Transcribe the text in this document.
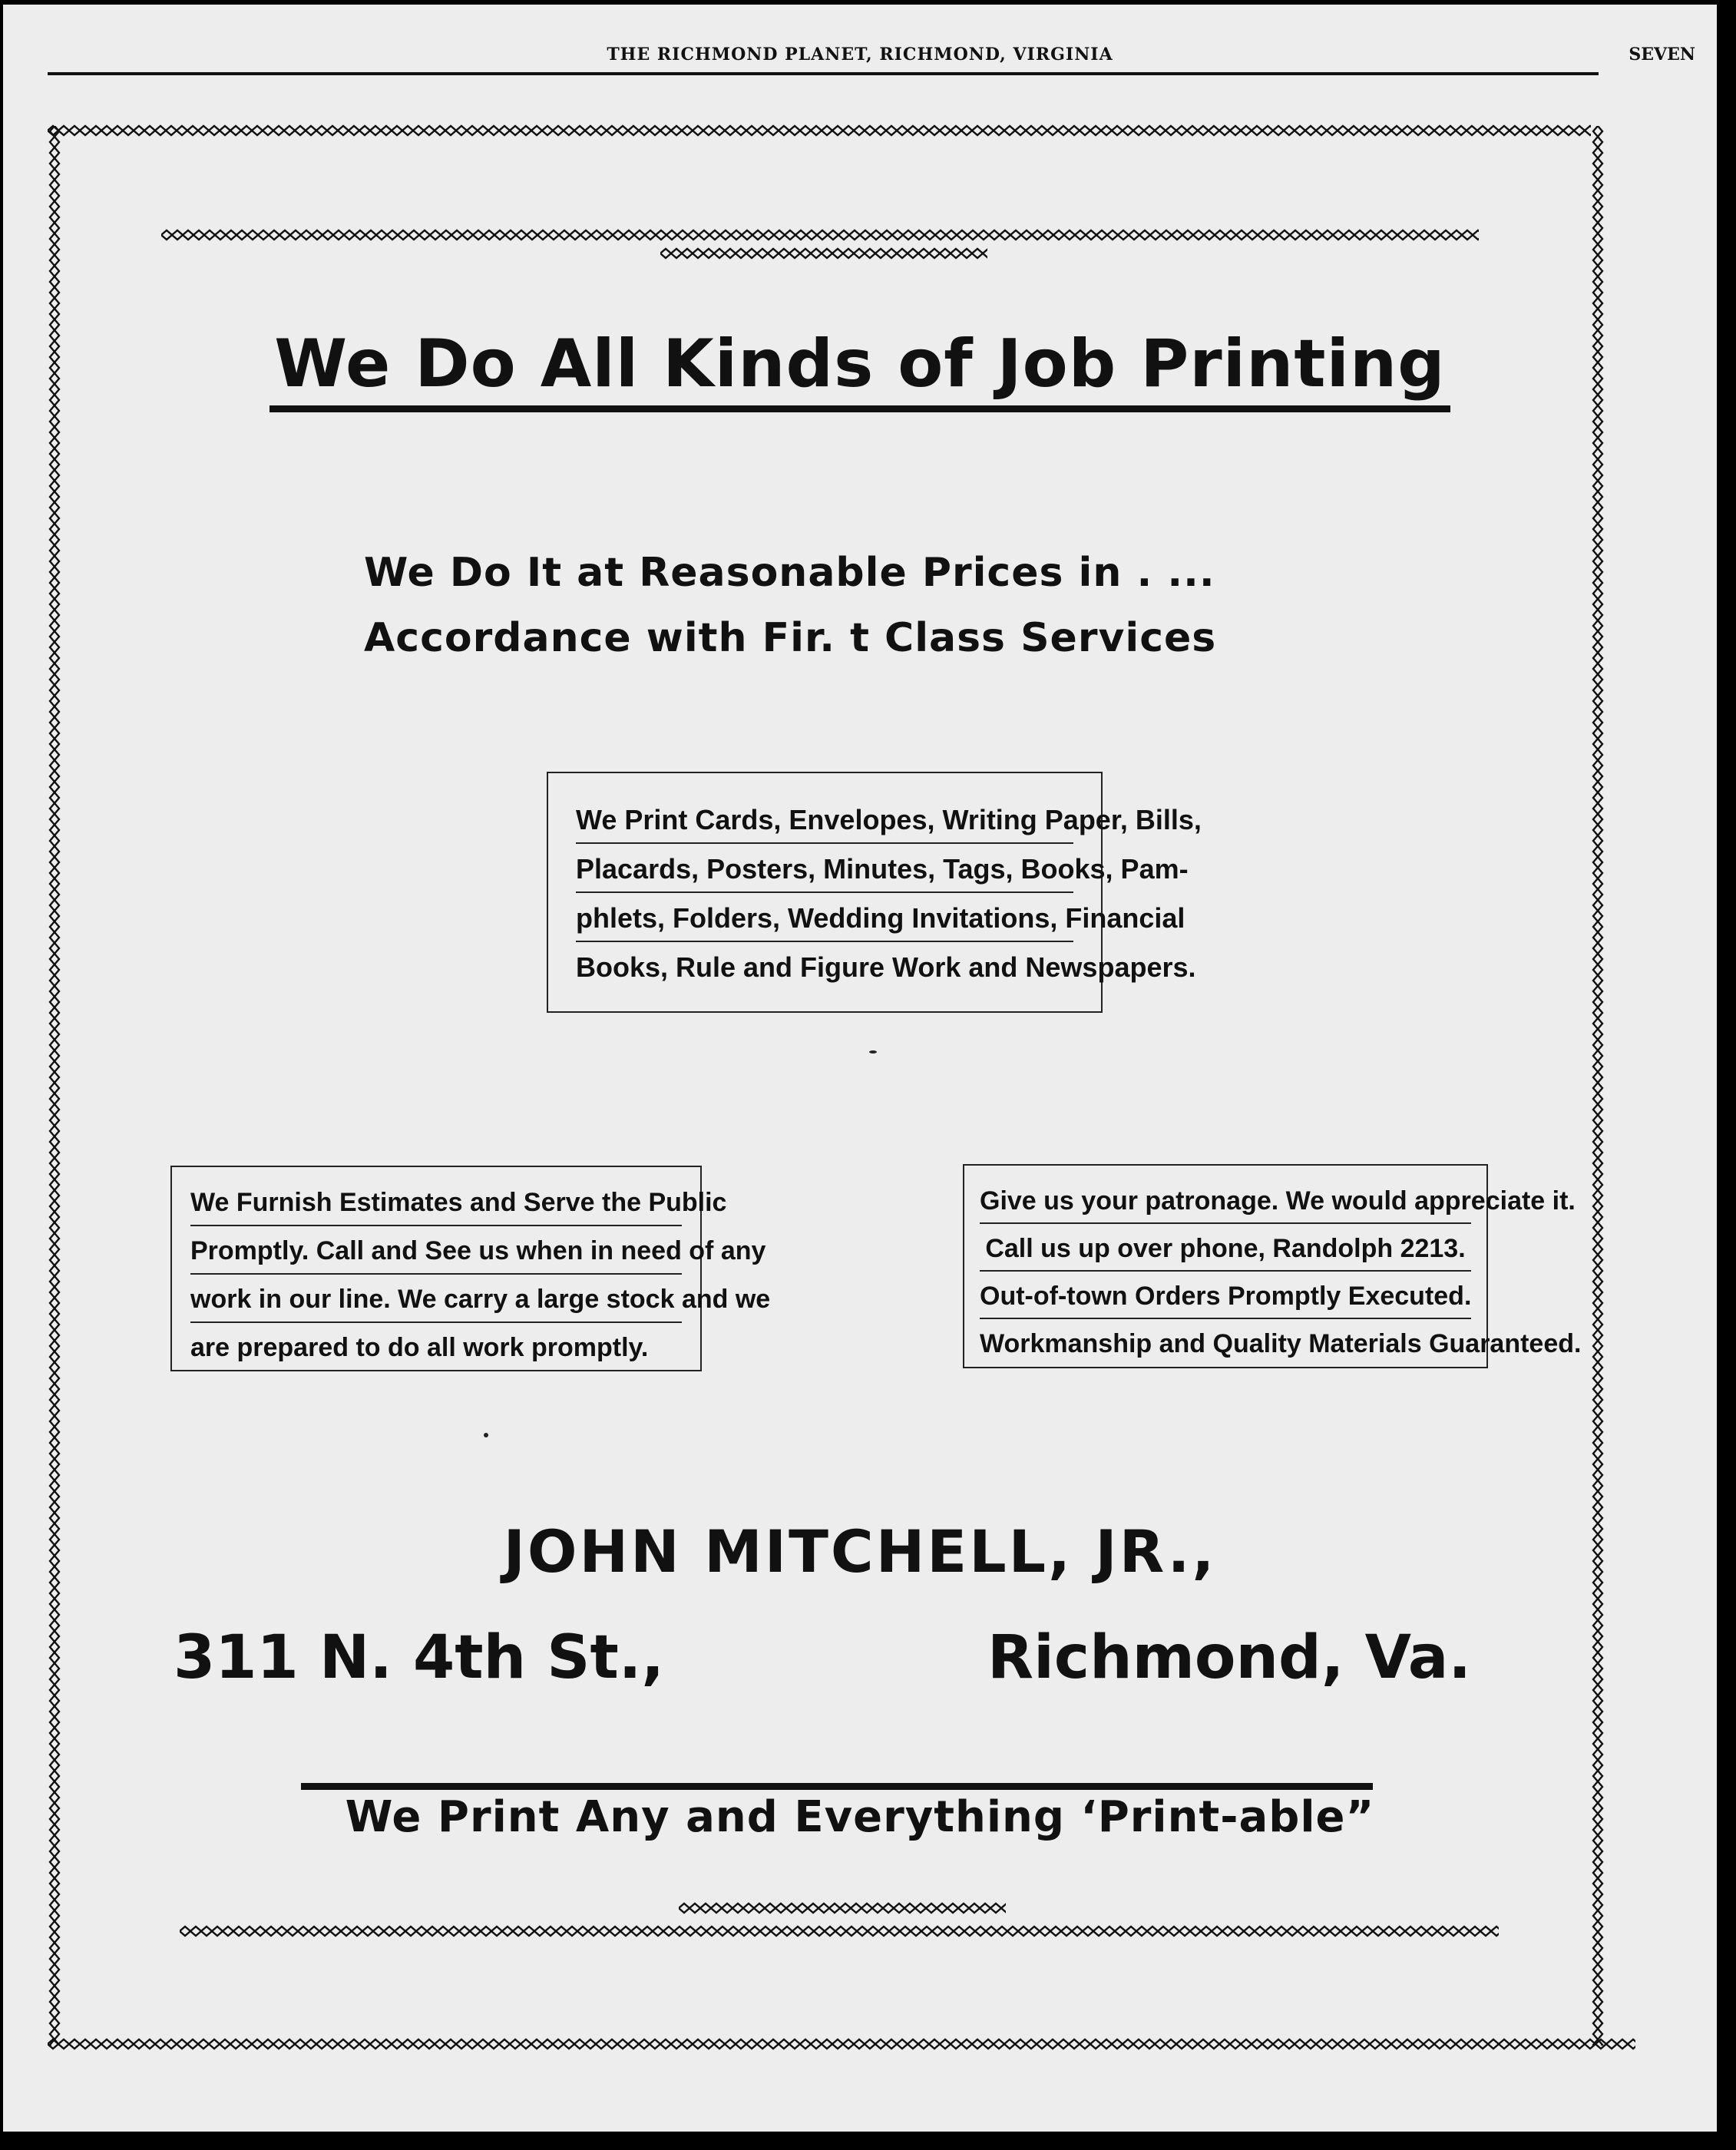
THE RICHMOND PLANET, RICHMOND, VIRGINIA	SEVEN
We Do All Kinds of Job Printing
We Do It at Reasonable Prices in . ...
Accordance with Fir. t Class Services
We Print Cards, Envelopes, Writing Paper, Bills,
Placards, Posters, Minutes, Tags, Books, Pam-
phlets, Folders, Wedding Invitations, Financial
Books, Rule and Figure Work and Newspapers.
We Furnish Estimates and Serve the Public
Promptly. Call and See us when in need of any
work in our line. We carry a large stock and we
are prepared to do all work promptly.
Give us your patronage. We would appreciate it.
Call us up over phone, Randolph 2213.
Out-of-town Orders Promptly Executed.
Workmanship and Quality Materials Guaranteed.
JOHN MITCHELL, JR.,
311 N. 4th St.,	Richmond, Va.
We Print Any and Everything ‘Print-able”
